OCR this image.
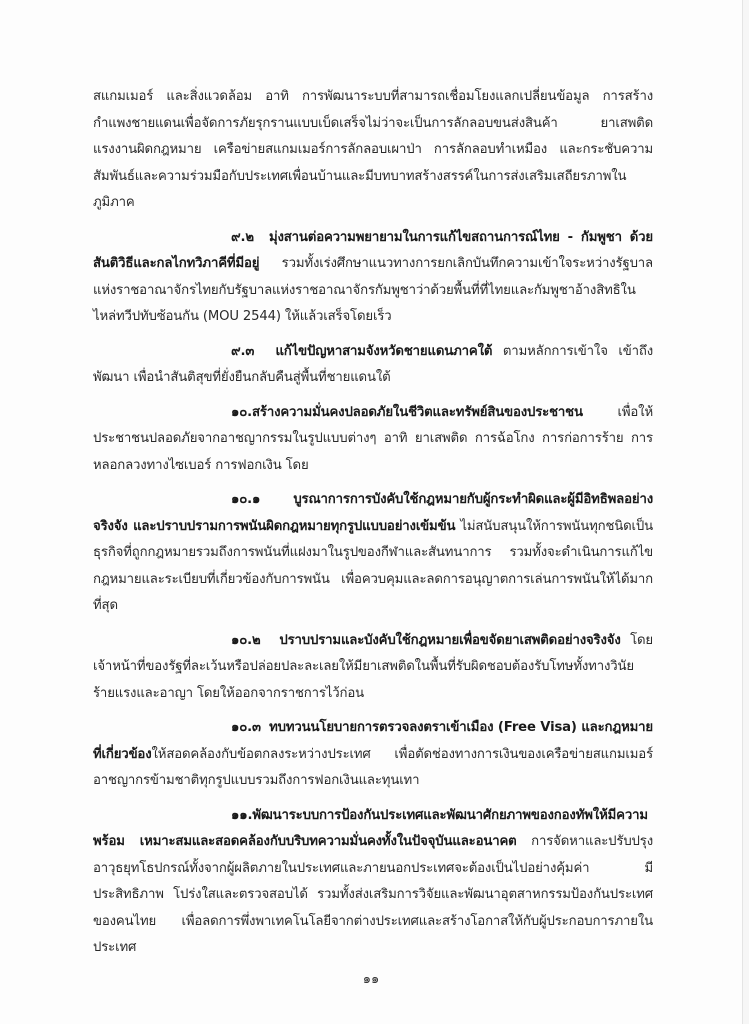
สแกมเมอร์ และสิ่งแวดล้อม อาทิ การพัฒนาระบบที่สามารถเชื่อมโยงแลกเปลี่ยนข้อมูล การสร้างกำแพงชายแดนเพื่อจัดการภัยรุกรานแบบเบ็ดเสร็จไม่ว่าจะเป็นการลักลอบขนส่งสินค้า ยาเสพติด แรงงานผิดกฎหมาย เครือข่ายสแกมเมอร์การลักลอบเผาป่า การลักลอบทำเหมือง และกระชับความสัมพันธ์และความร่วมมือกับประเทศเพื่อนบ้านและมีบทบาทสร้างสรรค์ในการส่งเสริมเสถียรภาพในภูมิภาค

๙.๒ มุ่งสานต่อความพยายามในการแก้ไขสถานการณ์ไทย - กัมพูชา ด้วยสันติวิธีและกลไกทวิภาคีที่มีอยู่ รวมทั้งเร่งศึกษาแนวทางการยกเลิกบันทึกความเข้าใจระหว่างรัฐบาลแห่งราชอาณาจักรไทยกับรัฐบาลแห่งราชอาณาจักรกัมพูชาว่าด้วยพื้นที่ที่ไทยและกัมพูชาอ้างสิทธิในไหล่ทวีปทับซ้อนกัน (MOU 2544) ให้แล้วเสร็จโดยเร็ว

๙.๓ แก้ไขปัญหาสามจังหวัดชายแดนภาคใต้ ตามหลักการเข้าใจ เข้าถึง พัฒนา เพื่อนำสันติสุขที่ยั่งยืนกลับคืนสู่พื้นที่ชายแดนใต้

๑๐.สร้างความมั่นคงปลอดภัยในชีวิตและทรัพย์สินของประชาชน เพื่อให้ประชาชนปลอดภัยจากอาชญากรรมในรูปแบบต่างๆ อาทิ ยาเสพติด การฉ้อโกง การก่อการร้าย การหลอกลวงทางไซเบอร์ การฟอกเงิน โดย

๑๐.๑	บูรณาการการบังคับใช้กฎหมายกับผู้กระทำผิดและผู้มีอิทธิพลอย่างจริงจัง และปราบปรามการพนันผิดกฎหมายทุกรูปแบบอย่างเข้มข้น ไม่สนับสนุนให้การพนันทุกชนิดเป็นธุรกิจที่ถูกกฎหมายรวมถึงการพนันที่แฝงมาในรูปของกีฬาและสันทนาการ รวมทั้งจะดำเนินการแก้ไขกฎหมายและระเบียบที่เกี่ยวข้องกับการพนัน เพื่อควบคุมและลดการอนุญาตการเล่นการพนันให้ได้มากที่สุด

๑๐.๒ ปราบปรามและบังคับใช้กฎหมายเพื่อขจัดยาเสพติดอย่างจริงจัง โดยเจ้าหน้าที่ของรัฐที่ละเว้นหรือปล่อยปละละเลยให้มียาเสพติดในพื้นที่รับผิดชอบต้องรับโทษทั้งทางวินัยร้ายแรงและอาญา โดยให้ออกจากราชการไว้ก่อน

๑๐.๓ ทบทวนนโยบายการตรวจลงตราเข้าเมือง (Free Visa) และกฎหมายที่เกี่ยวข้องให้สอดคล้องกับข้อตกลงระหว่างประเทศ เพื่อตัดช่องทางการเงินของเครือข่ายสแกมเมอร์ อาชญากรข้ามชาติทุกรูปแบบรวมถึงการฟอกเงินและทุนเทา

๑๑.พัฒนาระบบการป้องกันประเทศและพัฒนาศักยภาพของกองทัพให้มีความพร้อม เหมาะสมและสอดคล้องกับบริบทความมั่นคงทั้งในปัจจุบันและอนาคต การจัดหาและปรับปรุงอาวุธยุทโธปกรณ์ทั้งจากผู้ผลิตภายในประเทศและภายนอกประเทศจะต้องเป็นไปอย่างคุ้มค่า มีประสิทธิภาพ โปร่งใสและตรวจสอบได้ รวมทั้งส่งเสริมการวิจัยและพัฒนาอุตสาหกรรมป้องกันประเทศของคนไทย เพื่อลดการพึ่งพาเทคโนโลยีจากต่างประเทศและสร้างโอกาสให้กับผู้ประกอบการภายในประเทศ

๑๑
